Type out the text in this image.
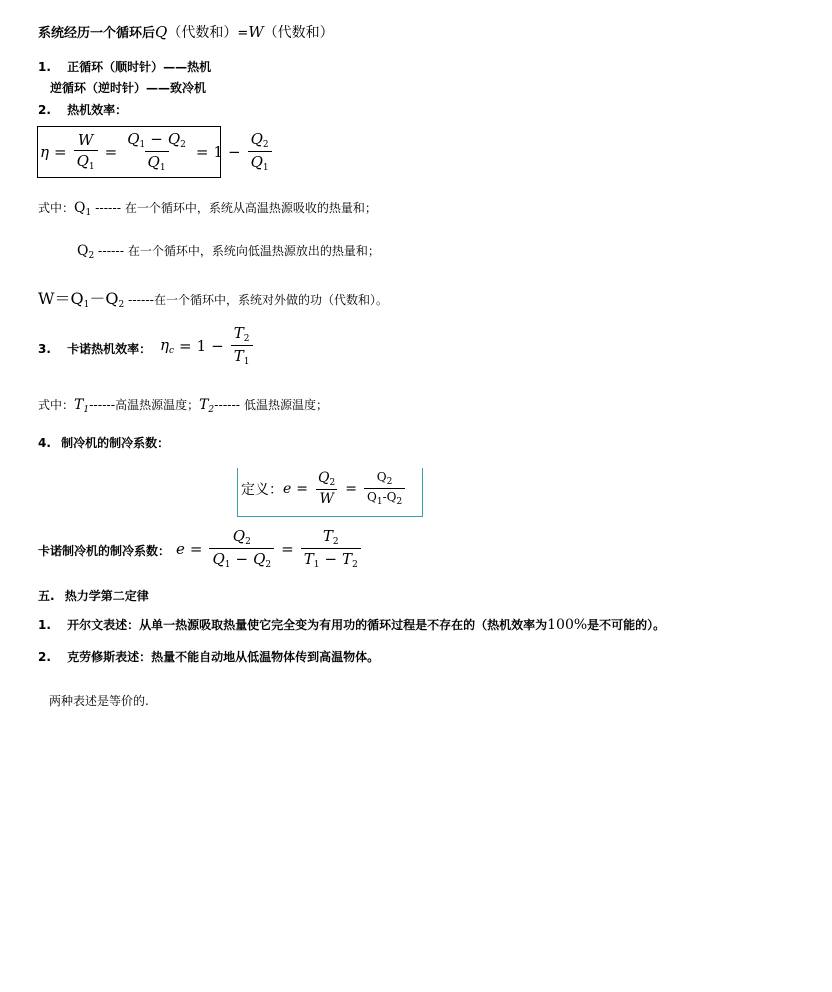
系统经历一个循环后Q（代数和）=W（代数和）
1. 正循环（顺时针）——热机
逆循环（逆时针）——致冷机
2. 热机效率：
$\eta = \frac{W}{Q_1} = \frac{Q_1 - Q_2}{Q_1} = 1 - \frac{Q_2}{Q_1}$
式中：$Q_1$ ------ 在一个循环中，系统从高温热源吸收的热量和；
$Q_2$ ------ 在一个循环中，系统向低温热源放出的热量和；
$W=Q_1-Q_2$ ------在一个循环中，系统对外做的功（代数和）。
3. 卡诺热机效率： $\eta_c = 1 - \frac{T_2}{T_1}$
式中：$T_1------$高温热源温度；$T_2------$ 低温热源温度；
4. 制冷机的制冷系数：
定义： $e = \frac{Q_2}{W} = \frac{Q_2}{Q_1-Q_2}$
卡诺制冷机的制冷系数： $e = \frac{Q_2}{Q_1 - Q_2} = \frac{T_2}{T_1 - T_2}$
五. 热力学第二定律
1. 开尔文表述：从单一热源吸取热量使它完全变为有用功的循环过程是不存在的（热机效率为100%是不可能的）。
2. 克劳修斯表述：热量不能自动地从低温物体传到高温物体。
两种表述是等价的.
